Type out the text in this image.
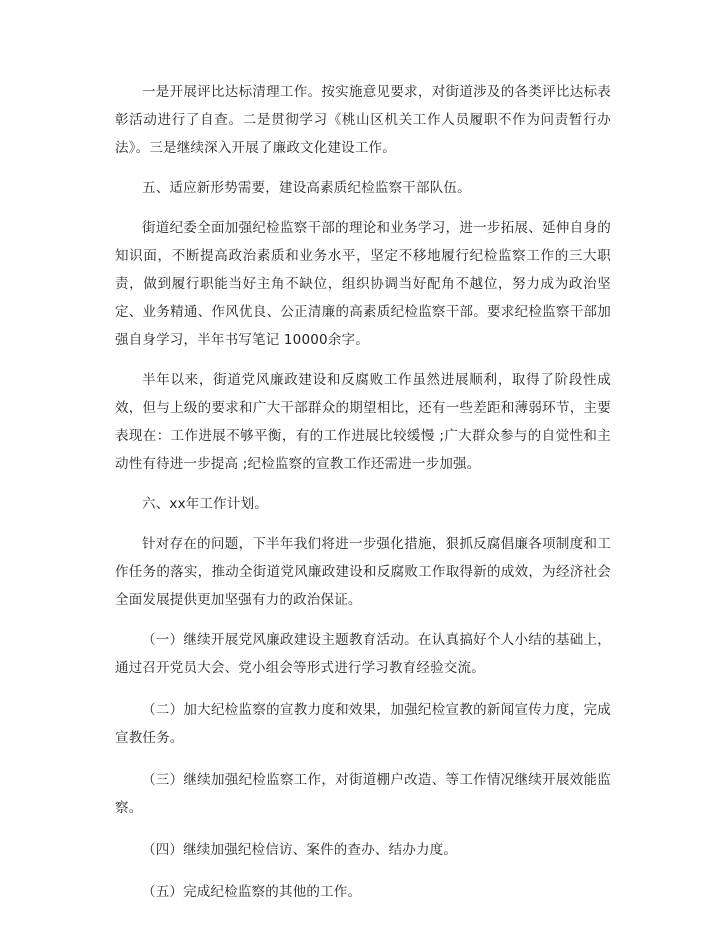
一是开展评比达标清理工作。按实施意见要求，对街道涉及的各类评比达标表彰活动进行了自查。二是贯彻学习《桃山区机关工作人员履职不作为问责暂行办法》。三是继续深入开展了廉政文化建设工作。

五、适应新形势需要，建设高素质纪检监察干部队伍。

街道纪委全面加强纪检监察干部的理论和业务学习，进一步拓展、延伸自身的知识面，不断提高政治素质和业务水平，坚定不移地履行纪检监察工作的三大职责，做到履行职能当好主角不缺位，组织协调当好配角不越位，努力成为政治坚定、业务精通、作风优良、公正清廉的高素质纪检监察干部。要求纪检监察干部加强自身学习，半年书写笔记 10000余字。

半年以来，街道党风廉政建设和反腐败工作虽然进展顺利，取得了阶段性成效，但与上级的要求和广大干部群众的期望相比，还有一些差距和薄弱环节，主要表现在：工作进展不够平衡，有的工作进展比较缓慢 ;广大群众参与的自觉性和主动性有待进一步提高 ;纪检监察的宣教工作还需进一步加强。

六、xx年工作计划。

针对存在的问题，下半年我们将进一步强化措施，狠抓反腐倡廉各项制度和工作任务的落实，推动全街道党风廉政建设和反腐败工作取得新的成效，为经济社会全面发展提供更加坚强有力的政治保证。

（一）继续开展党风廉政建设主题教育活动。在认真搞好个人小结的基础上，通过召开党员大会、党小组会等形式进行学习教育经验交流。

（二）加大纪检监察的宣教力度和效果，加强纪检宣教的新闻宣传力度，完成宣教任务。

（三）继续加强纪检监察工作，对街道棚户改造、等工作情况继续开展效能监察。

（四）继续加强纪检信访、案件的查办、结办力度。

（五）完成纪检监察的其他的工作。
